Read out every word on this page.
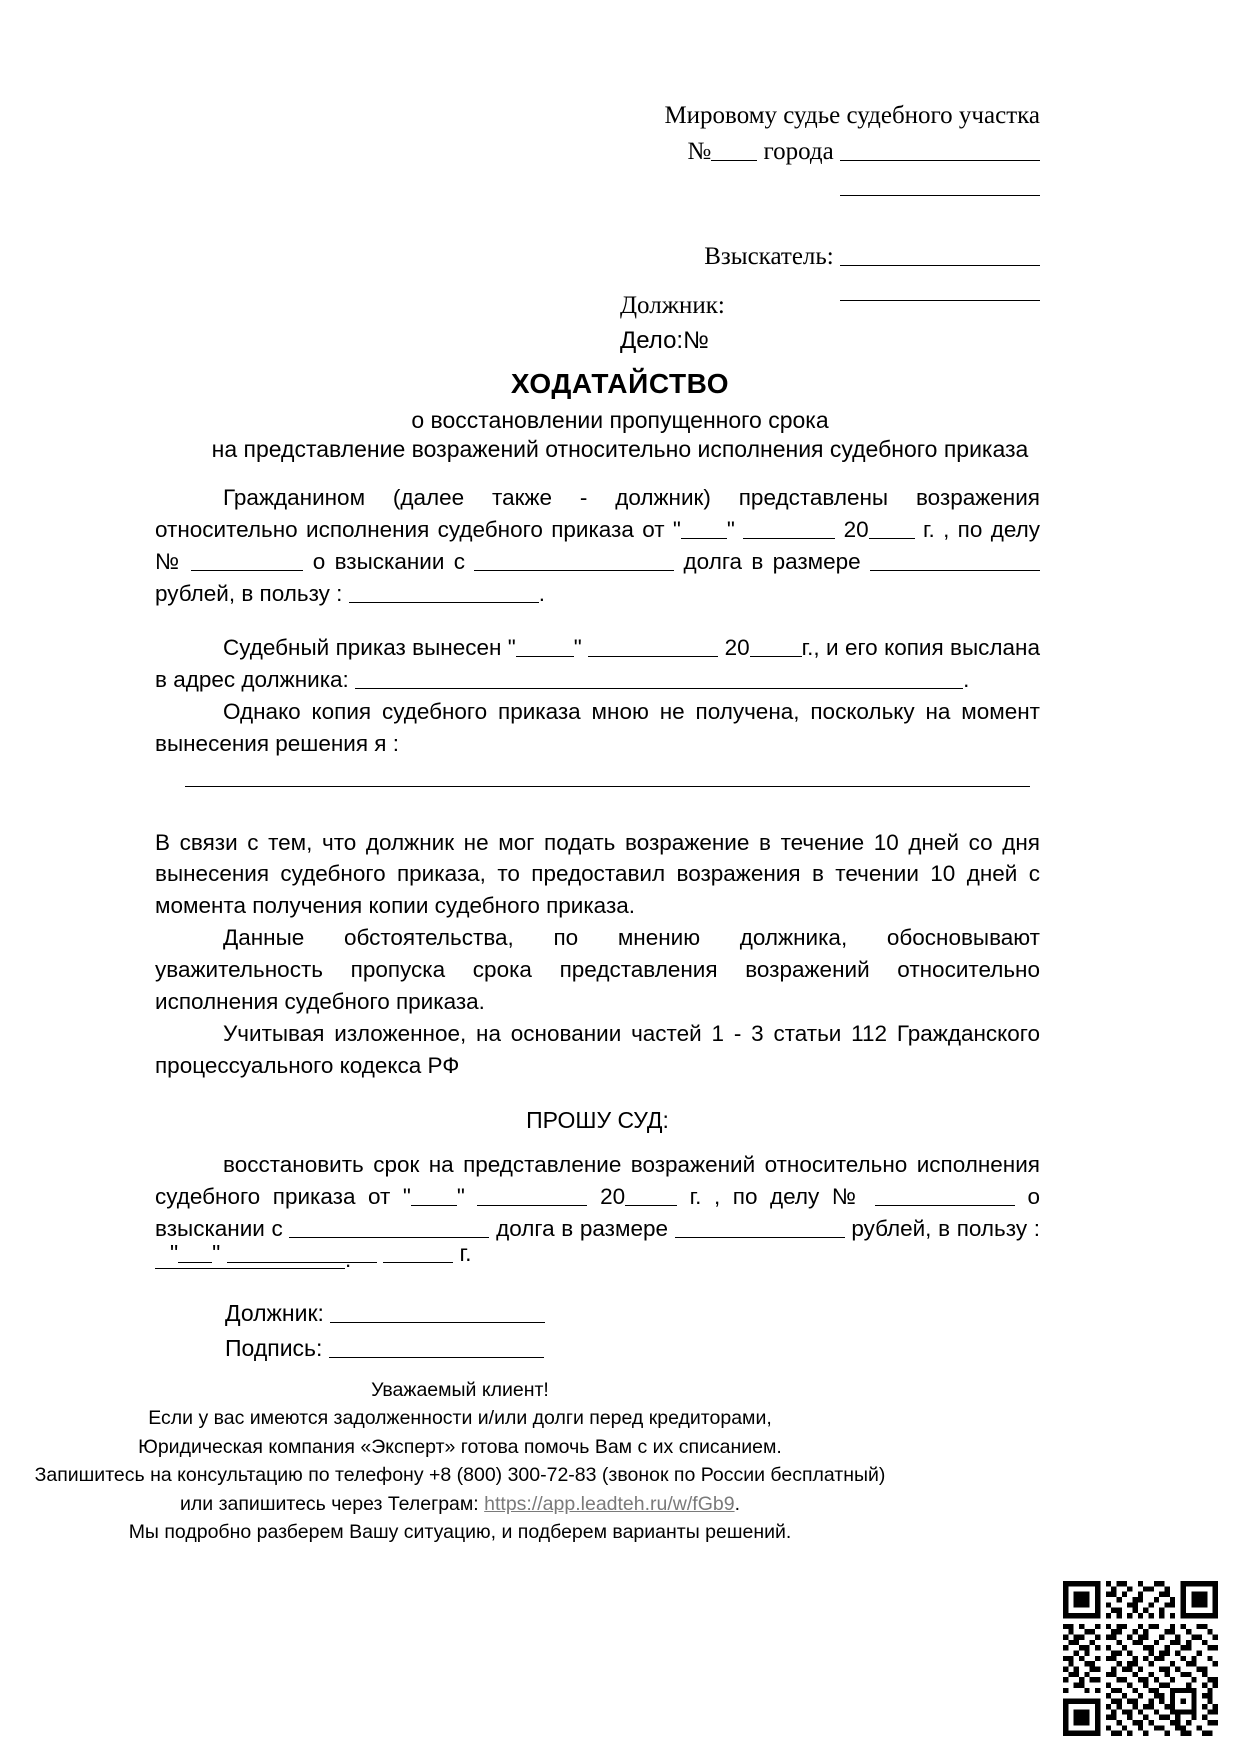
Мировому судье судебного участка
№ города
Взыскатель:
Должник:
Дело:№
ХОДАТАЙСТВО

о восстановлении пропущенного срока

на представление возражений относительно исполнения судебного приказа

Гражданином (далее также - должник) представлены возражения относительно исполнения судебного приказа от " "	20 г. , по делу №	о взыскании с	долга в размере  рублей, в пользу :	.

Судебный приказ вынесен "	"	20 г., и его копия выслана в адрес должника:	.

Однако копия судебного приказа мною не получена, поскольку на момент вынесения решения я :

В связи с тем, что должник не мог подать возражение в течение 10 дней со дня вынесения судебного приказа, то предоставил возражения в течении 10 дней с момента получения копии судебного приказа.

Данные обстоятельства, по мнению должника, обосновывают уважительность пропуска срока представления возражений относительно исполнения судебного приказа.

Учитывая изложенное, на основании частей 1 - 3 статьи 112 Гражданского процессуального кодекса РФ

ПРОШУ СУД:

восстановить срок на представление возражений относительно исполнения судебного приказа от " "	20	г. , по делу №	о взыскании с	долга в размере	рублей, в пользу : .

" "	г.
Должник:
Подпись:
Уважаемый клиент!
Если у вас имеются задолженности и/или долги перед кредиторами,
Юридическая компания «Эксперт» готова помочь Вам с их списанием.
Запишитесь на консультацию по телефону +8 (800) 300-72-83 (звонок по России бесплатный)
или запишитесь через Телеграм: https://app.leadteh.ru/w/fGb9.
Мы подробно разберем Вашу ситуацию, и подберем варианты решений.
